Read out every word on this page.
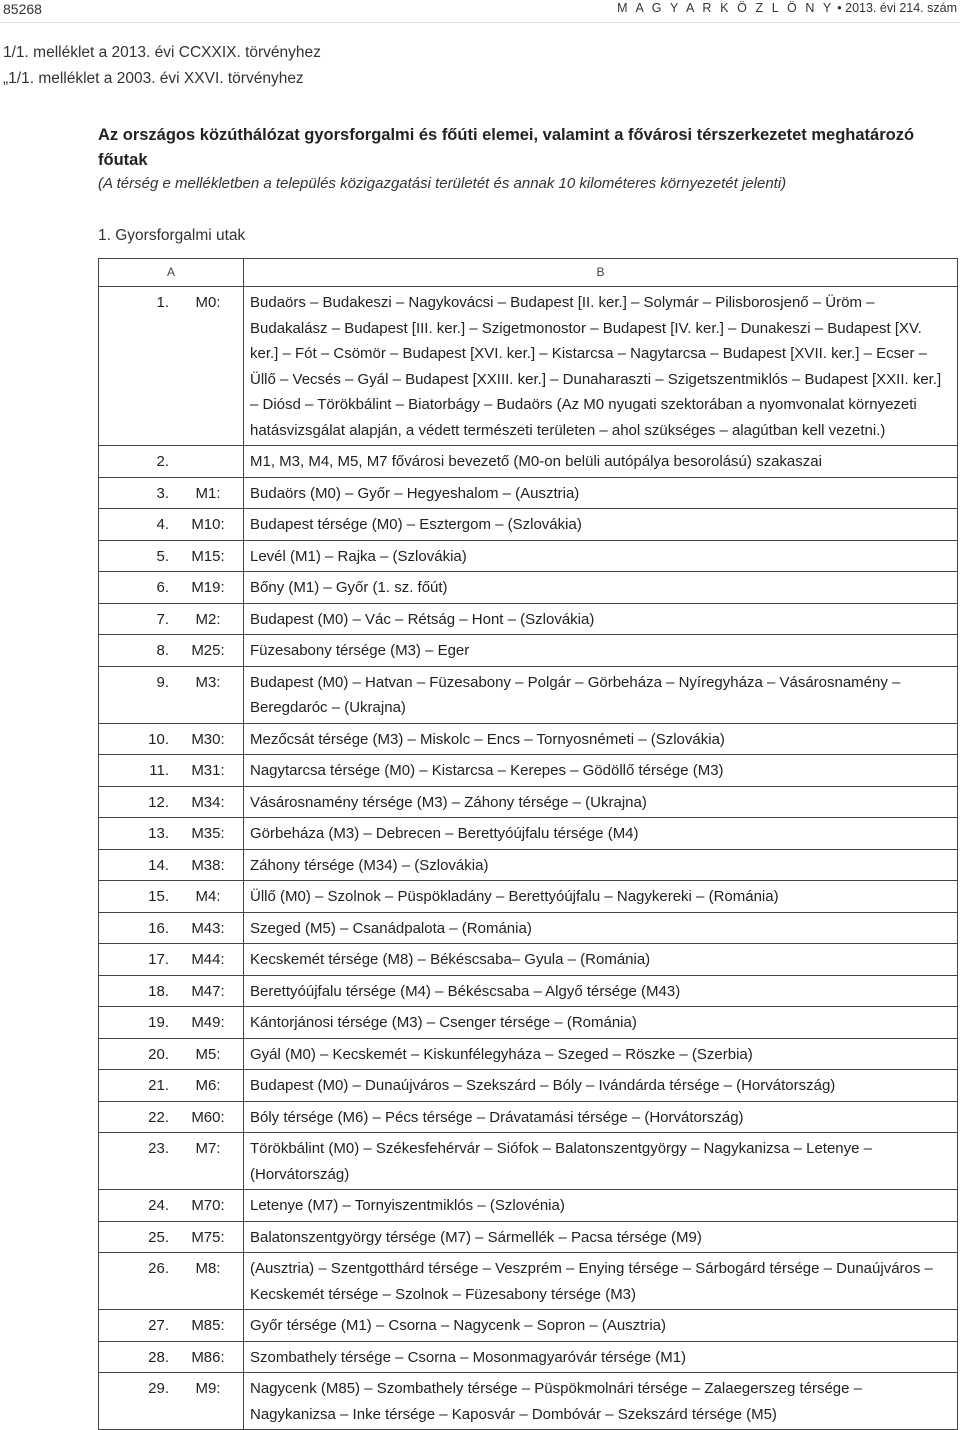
85268	M A G Y A R K Ö Z L Ö N Y • 2013. évi 214. szám
1/1. melléklet a 2013. évi CCXXIX. törvényhez
„1/1. melléklet a 2003. évi XXVI. törvényhez
Az országos közúthálózat gyorsforgalmi és főúti elemei, valamint a fővárosi térszerkezetet meghatározó főutak
(A térség e mellékletben a település közigazgatási területét és annak 10 kilométeres környezetét jelenti)
1. Gyorsforgalmi utak
A		B
1.	M0:	Budaörs – Budakeszi – Nagykovácsi – Budapest [II. ker.] – Solymár – Pilisborosjenő – Üröm – Budakalász – Budapest [III. ker.] – Szigetmonostor – Budapest [IV. ker.] – Dunakeszi – Budapest [XV. ker.] – Fót – Csömör – Budapest [XVI. ker.] – Kistarcsa – Nagytarcsa – Budapest [XVII. ker.] – Ecser – Üllő – Vecsés – Gyál – Budapest [XXIII. ker.] – Dunaharaszti – Szigetszentmiklós – Budapest [XXII. ker.] – Diósd – Törökbálint – Biatorbágy – Budaörs (Az M0 nyugati szektorában a nyomvonalat környezeti hatásvizsgálat alapján, a védett természeti területen – ahol szükséges – alagútban kell vezetni.)
2.		M1, M3, M4, M5, M7 fővárosi bevezető (M0-on belüli autópálya besorolású) szakaszai
3.	M1:	Budaörs (M0) – Győr – Hegyeshalom – (Ausztria)
4.	M10:	Budapest térsége (M0) – Esztergom – (Szlovákia)
5.	M15:	Levél (M1) – Rajka – (Szlovákia)
6.	M19:	Bőny (M1) – Győr (1. sz. főút)
7.	M2:	Budapest (M0) – Vác – Rétság – Hont – (Szlovákia)
8.	M25:	Füzesabony térsége (M3) – Eger
9.	M3:	Budapest (M0) – Hatvan – Füzesabony – Polgár – Görbeháza – Nyíregyháza – Vásárosnamény – Beregdaróc – (Ukrajna)
10.	M30:	Mezőcsát térsége (M3) – Miskolc – Encs – Tornyosnémeti – (Szlovákia)
11.	M31:	Nagytarcsa térsége (M0) – Kistarcsa – Kerepes – Gödöllő térsége (M3)
12.	M34:	Vásárosnamény térsége (M3) – Záhony térsége – (Ukrajna)
13.	M35:	Görbeháza (M3) – Debrecen – Berettyóújfalu térsége (M4)
14.	M38:	Záhony térsége (M34) – (Szlovákia)
15.	M4:	Üllő (M0) – Szolnok – Püspökladány – Berettyóújfalu – Nagykereki – (Románia)
16.	M43:	Szeged (M5) – Csanádpalota – (Románia)
17.	M44:	Kecskemét térsége (M8) – Békéscsaba– Gyula – (Románia)
18.	M47:	Berettyóújfalu térsége (M4) – Békéscsaba – Algyő térsége (M43)
19.	M49:	Kántorjánosi térsége (M3) – Csenger térsége – (Románia)
20.	M5:	Gyál (M0) – Kecskemét – Kiskunfélegyháza – Szeged – Röszke – (Szerbia)
21.	M6:	Budapest (M0) – Dunaújváros – Szekszárd – Bóly – Ivándárda térsége – (Horvátország)
22.	M60:	Bóly térsége (M6) – Pécs térsége – Drávatamási térsége – (Horvátország)
23.	M7:	Törökbálint (M0) – Székesfehérvár – Siófok – Balatonszentgyörgy – Nagykanizsa – Letenye – (Horvátország)
24.	M70:	Letenye (M7) – Tornyiszentmiklós – (Szlovénia)
25.	M75:	Balatonszentgyörgy térsége (M7) – Sármellék – Pacsa térsége (M9)
26.	M8:	(Ausztria) – Szentgotthárd térsége – Veszprém – Enying térsége – Sárbogárd térsége – Dunaújváros – Kecskemét térsége – Szolnok – Füzesabony térsége (M3)
27.	M85:	Győr térsége (M1) – Csorna – Nagycenk – Sopron – (Ausztria)
28.	M86:	Szombathely térsége – Csorna – Mosonmagyaróvár térsége (M1)
29.	M9:	Nagycenk (M85) – Szombathely térsége – Püspökmolnári térsége – Zalaegerszeg térsége – Nagykanizsa – Inke térsége – Kaposvár – Dombóvár – Szekszárd térsége (M5)
